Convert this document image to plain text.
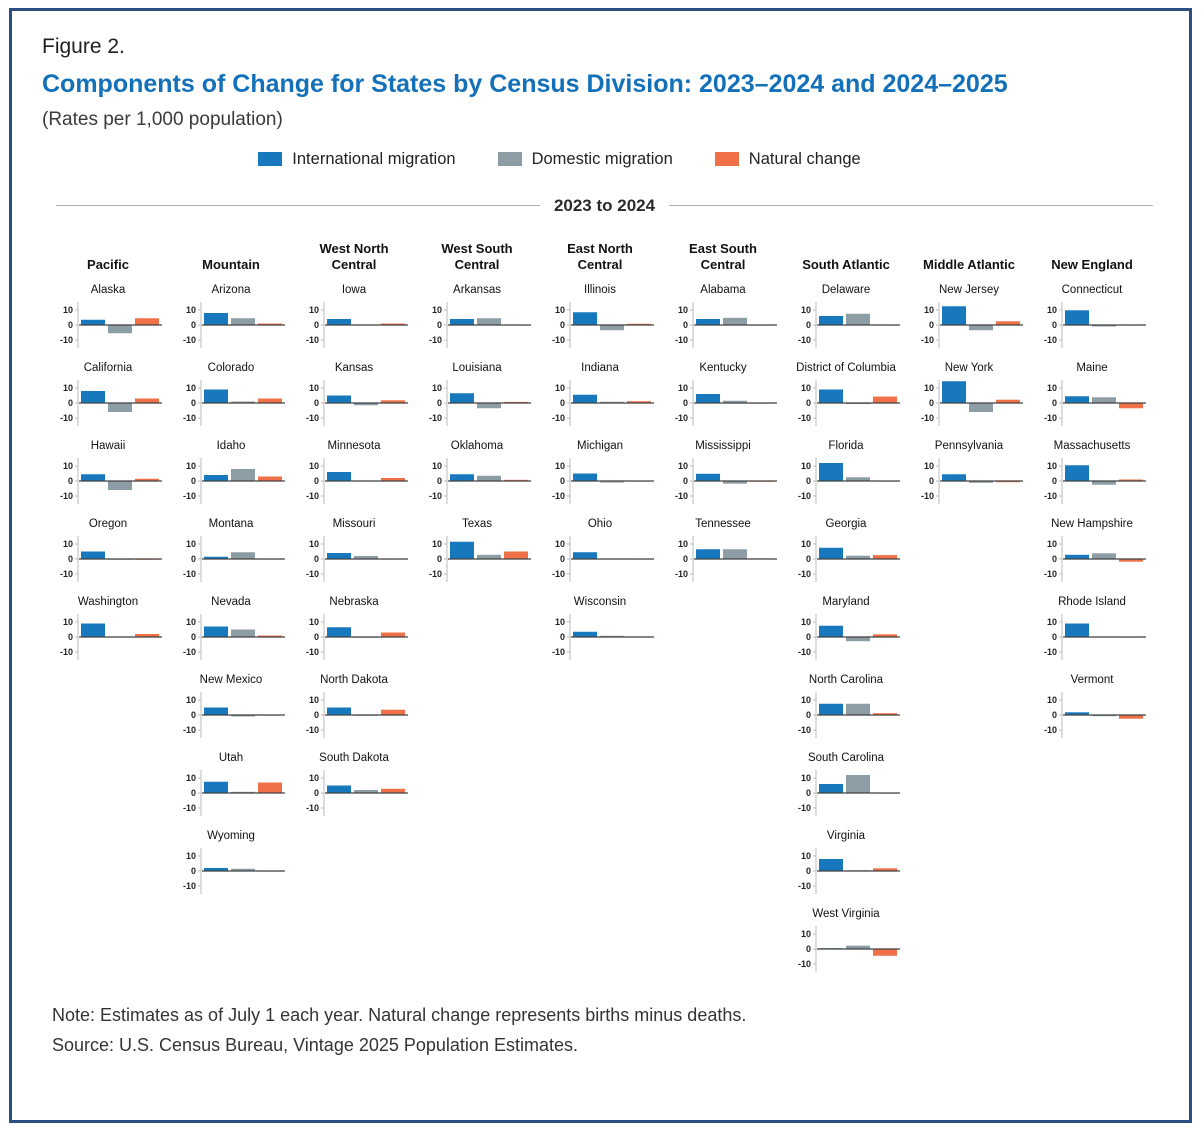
Figure 2.
Components of Change for States by Census Division: 2023–2024 and 2024–2025
(Rates per 1,000 population)
International migration	Domestic migration	Natural change
2023 to 2024
Pacific
Alaska
10
0
-10
California
10
0
-10
Hawaii
10
0
-10
Oregon
10
0
-10
Washington
10
0
-10
Mountain
Arizona
10
0
-10
Colorado
10
0
-10
Idaho
10
0
-10
Montana
10
0
-10
Nevada
10
0
-10
New Mexico
10
0
-10
Utah
10
0
-10
Wyoming
10
0
-10
West North Central
Iowa
10
0
-10
Kansas
10
0
-10
Minnesota
10
0
-10
Missouri
10
0
-10
Nebraska
10
0
-10
North Dakota
10
0
-10
South Dakota
10
0
-10
West South Central
Arkansas
10
0
-10
Louisiana
10
0
-10
Oklahoma
10
0
-10
Texas
10
0
-10
East North Central
Illinois
10
0
-10
Indiana
10
0
-10
Michigan
10
0
-10
Ohio
10
0
-10
Wisconsin
10
0
-10
East South Central
Alabama
10
0
-10
Kentucky
10
0
-10
Mississippi
10
0
-10
Tennessee
10
0
-10
South Atlantic
Delaware
10
0
-10
District of Columbia
10
0
-10
Florida
10
0
-10
Georgia
10
0
-10
Maryland
10
0
-10
North Carolina
10
0
-10
South Carolina
10
0
-10
Virginia
10
0
-10
West Virginia
10
0
-10
Middle Atlantic
New Jersey
10
0
-10
New York
10
0
-10
Pennsylvania
10
0
-10
New England
Connecticut
10
0
-10
Maine
10
0
-10
Massachusetts
10
0
-10
New Hampshire
10
0
-10
Rhode Island
10
0
-10
Vermont
10
0
-10
Note: Estimates as of July 1 each year. Natural change represents births minus deaths.
Source: U.S. Census Bureau, Vintage 2025 Population Estimates.
